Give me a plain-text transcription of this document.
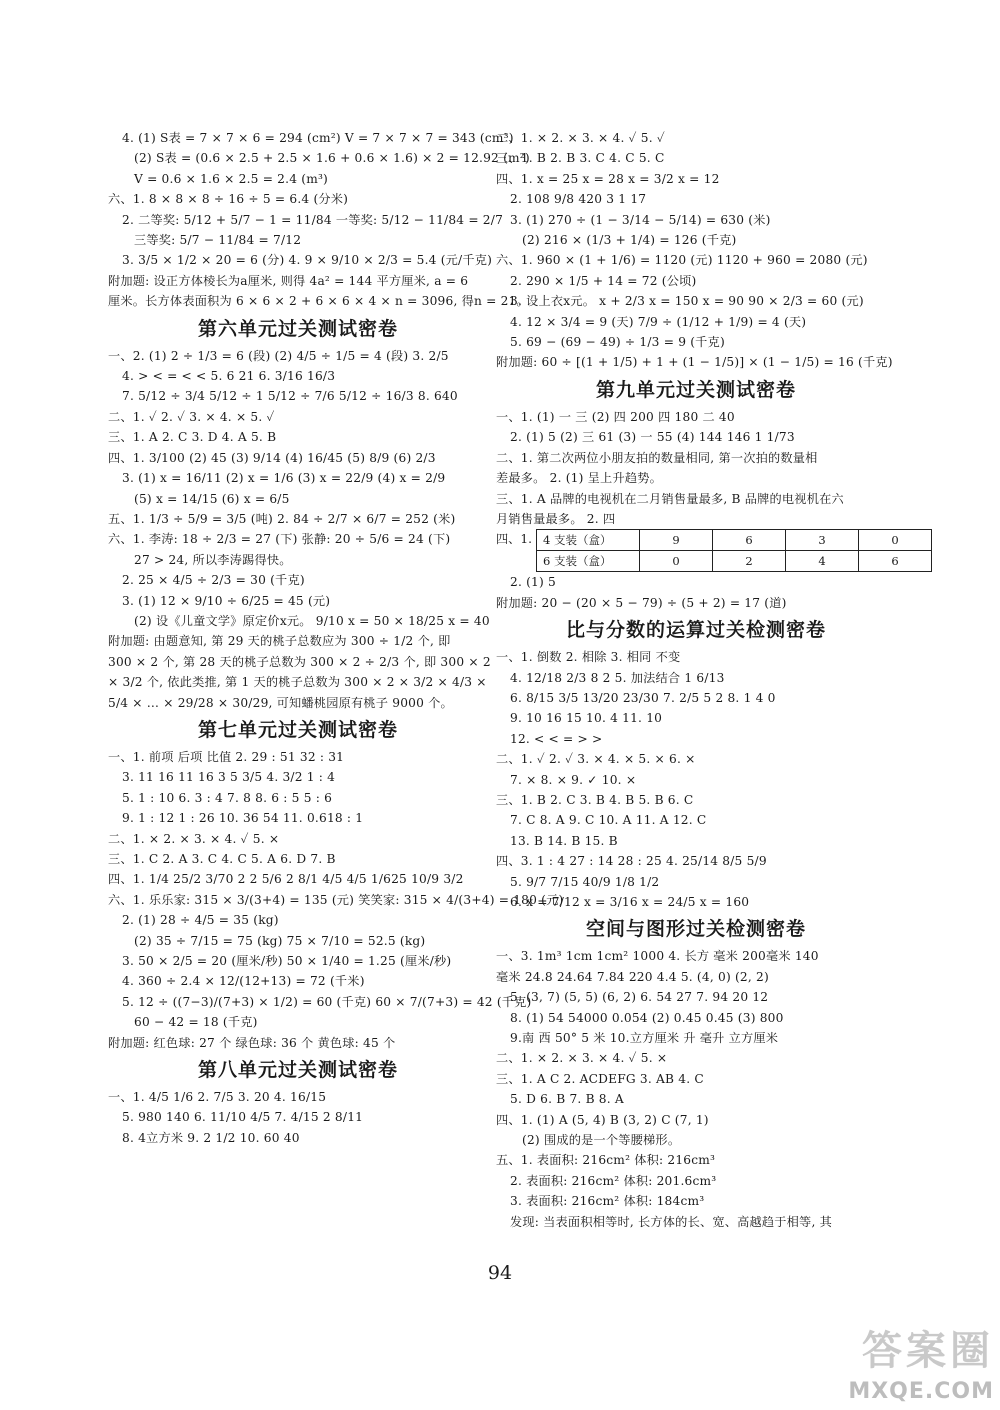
4. (1) S表 = 7 × 7 × 6 = 294 (cm²) V = 7 × 7 × 7 = 343 (cm³)
(2) S表 = (0.6 × 2.5 + 2.5 × 1.6 + 0.6 × 1.6) × 2 = 12.92 (m²)
V = 0.6 × 1.6 × 2.5 = 2.4 (m³)
六、1. 8 × 8 × 8 ÷ 16 ÷ 5 = 6.4 (分米)
2. 二等奖: 5/12 + 5/7 − 1 = 11/84 一等奖: 5/12 − 11/84 = 2/7
三等奖: 5/7 − 11/84 = 7/12
3. 3/5 × 1/2 × 20 = 6 (分) 4. 9 × 9/10 × 2/3 = 5.4 (元/千克)
附加题: 设正方体棱长为a厘米, 则得 4a² = 144 平方厘米, a = 6
厘米。长方体表面积为 6 × 6 × 2 + 6 × 6 × 4 × n = 3096, 得n = 21。
第六单元过关测试密卷
一、2. (1) 2 ÷ 1/3 = 6 (段) (2) 4/5 ÷ 1/5 = 4 (段) 3. 2/5
4. > < = < < 5. 6 21 6. 3/16 16/3
7. 5/12 ÷ 3/4 5/12 ÷ 1 5/12 ÷ 7/6 5/12 ÷ 16/3 8. 640
二、1. ✓ 2. ✓ 3. × 4. × 5. ✓
三、1. A 2. C 3. D 4. A 5. B
四、1. 3/100 (2) 45 (3) 9/14 (4) 16/45 (5) 8/9 (6) 2/3
3. (1) x = 16/11 (2) x = 1/6 (3) x = 22/9 (4) x = 2/9
(5) x = 14/15 (6) x = 6/5
五、1. 1/3 ÷ 5/9 = 3/5 (吨) 2. 84 ÷ 2/7 × 6/7 = 252 (米)
六、1. 李涛: 18 ÷ 2/3 = 27 (下) 张静: 20 ÷ 5/6 = 24 (下)
27 > 24, 所以李涛踢得快。
2. 25 × 4/5 ÷ 2/3 = 30 (千克)
3. (1) 12 × 9/10 ÷ 6/25 = 45 (元)
(2) 设《儿童文学》原定价x元。 9/10 x = 50 × 18/25 x = 40
附加题: 由题意知, 第 29 天的桃子总数应为 300 ÷ 1/2 个, 即
300 × 2 个, 第 28 天的桃子总数为 300 × 2 ÷ 2/3 个, 即 300 × 2
× 3/2 个, 依此类推, 第 1 天的桃子总数为 300 × 2 × 3/2 × 4/3 ×
5/4 × … × 29/28 × 30/29, 可知蟠桃园原有桃子 9000 个。
第七单元过关测试密卷
一、1. 前项 后项 比值 2. 29 : 51 32 : 31
3. 11 16 11 16 3 5 3/5 4. 3/2 1 : 4
5. 1 : 10 6. 3 : 4 7. 8 8. 6 : 5 5 : 6
9. 1 : 12 1 : 26 10. 36 54 11. 0.618 : 1
二、1. × 2. × 3. × 4. ✓ 5. ×
三、1. C 2. A 3. C 4. C 5. A 6. D 7. B
四、1. 1/4 25/2 3/70 2 2 5/6 2 8/1 4/5 4/5 1/625 10/9 3/2
六、1. 乐乐家: 315 × 3/(3+4) = 135 (元) 笑笑家: 315 × 4/(3+4) = 180 (元)
2. (1) 28 ÷ 4/5 = 35 (kg)
(2) 35 ÷ 7/15 = 75 (kg) 75 × 7/10 = 52.5 (kg)
3. 50 × 2/5 = 20 (厘米/秒) 50 × 1/40 = 1.25 (厘米/秒)
4. 360 ÷ 2.4 × 12/(12+13) = 72 (千米)
5. 12 ÷ ((7−3)/(7+3) × 1/2) = 60 (千克) 60 × 7/(7+3) = 42 (千克)
60 − 42 = 18 (千克)
附加题: 红色球: 27 个 绿色球: 36 个 黄色球: 45 个
第八单元过关测试密卷
一、1. 4/5 1/6 2. 7/5 3. 20 4. 16/15
5. 980 140 6. 11/10 4/5 7. 4/15 2 8/11
8. 4立方米 9. 2 1/2 10. 60 40
二、1. × 2. × 3. × 4. ✓ 5. ✓
三、1. B 2. B 3. C 4. C 5. C
四、1. x = 25 x = 28 x = 3/2 x = 12
2. 108 9/8 420 3 1 17
3. (1) 270 ÷ (1 − 3/14 − 5/14) = 630 (米)
(2) 216 × (1/3 + 1/4) = 126 (千克)
六、1. 960 × (1 + 1/6) = 1120 (元) 1120 + 960 = 2080 (元)
2. 290 × 1/5 + 14 = 72 (公顷)
3. 设上衣x元。 x + 2/3 x = 150 x = 90 90 × 2/3 = 60 (元)
4. 12 × 3/4 = 9 (天) 7/9 ÷ (1/12 + 1/9) = 4 (天)
5. 69 − (69 − 49) ÷ 1/3 = 9 (千克)
附加题: 60 ÷ [(1 + 1/5) + 1 + (1 − 1/5)] × (1 − 1/5) = 16 (千克)
第九单元过关测试密卷
一、1. (1) 一 三 (2) 四 200 四 180 二 40
2. (1) 5 (2) 三 61 (3) 一 55 (4) 144 146 1 1/73
二、1. 第二次两位小朋友拍的数量相同, 第一次拍的数量相
差最多。 2. (1) 呈上升趋势。
三、1. A 品牌的电视机在二月销售量最多, B 品牌的电视机在六
月销售量最多。 2. 四
四、1. 4 支装（盒）	9	6	3	0
6 支装（盒）	0	2	4	6
2. (1) 5
附加题: 20 − (20 × 5 − 79) ÷ (5 + 2) = 17 (道)
比与分数的运算过关检测密卷
一、1. 倒数 2. 相除 3. 相同 不变
4. 12/18 2/3 8 2 5. 加法结合 1 6/13
6. 8/15 3/5 13/20 23/30 7. 2/5 5 2 8. 1 4 0
9. 10 16 15 10. 4 11. 10
12. < < = > >
二、1. ✓ 2. ✓ 3. × 4. × 5. × 6. ×
7. × 8. × 9. ✓ 10. ×
三、1. B 2. C 3. B 4. B 5. B 6. C
7. C 8. A 9. C 10. A 11. A 12. C
13. B 14. B 15. B
四、3. 1 : 4 27 : 14 28 : 25 4. 25/14 8/5 5/9
5. 9/7 7/15 40/9 1/8 1/2
6. x = 7/12 x = 3/16 x = 24/5 x = 160
空间与图形过关检测密卷
一、3. 1m³ 1cm 1cm² 1000 4. 长方 毫米 200毫米 140
毫米 24.8 24.64 7.84 220 4.4 5. (4, 0) (2, 2)
5. (3, 7) (5, 5) (6, 2) 6. 54 27 7. 94 20 12
8. (1) 54 54000 0.054 (2) 0.45 0.45 (3) 800
9.南 西 50° 5 米 10.立方厘米 升 毫升 立方厘米
二、1. × 2. × 3. × 4. ✓ 5. ×
三、1. A C 2. ACDEFG 3. AB 4. C
5. D 6. B 7. B 8. A
四、1. (1) A (5, 4) B (3, 2) C (7, 1)
(2) 围成的是一个等腰梯形。
五、1. 表面积: 216cm² 体积: 216cm³
2. 表面积: 216cm² 体积: 201.6cm³
3. 表面积: 216cm² 体积: 184cm³
发现: 当表面积相等时, 长方体的长、宽、高越趋于相等, 其
94
答案圈
MXQE.COM
